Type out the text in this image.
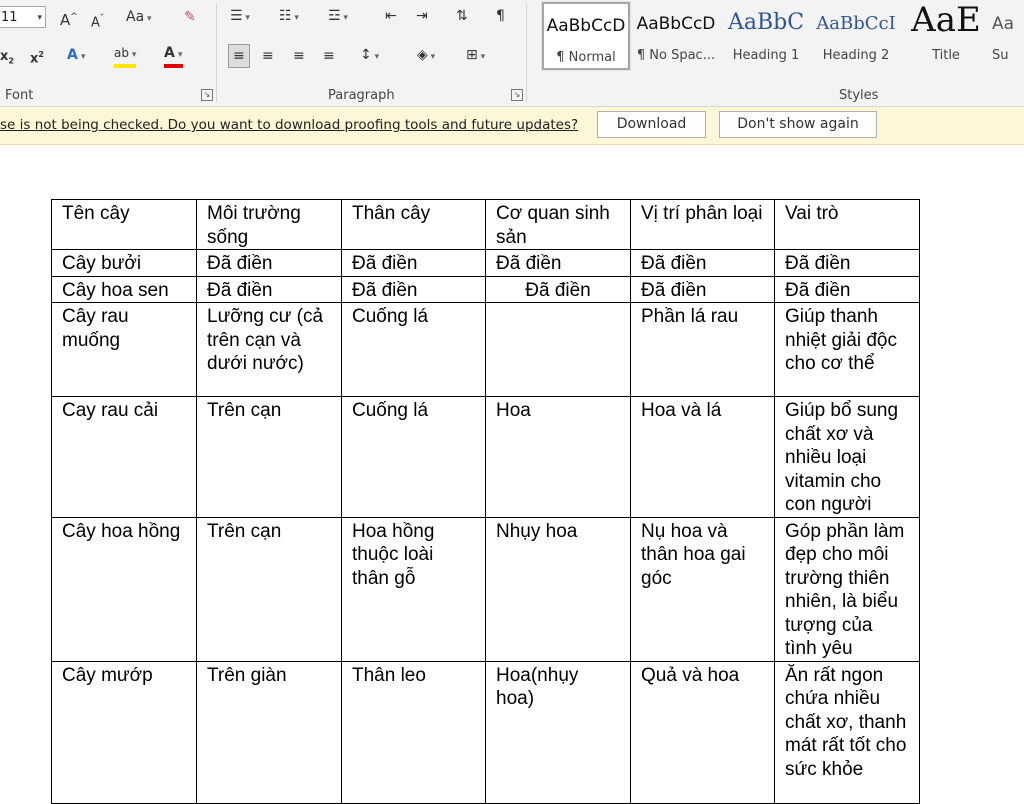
11 ▾ A^ $A^ˇ$ Aa ▾	✎
$x_2$ $x^2$ A ▾	ab ▾	A ▾
Font	↘
☰ ▾	☷ ▾	☲ ▾	⇤ ⇥ ⇅ ¶
≡	≡ ≡ ≡ ↕ ▾	◈ ▾	⊞ ▾
Paragraph	↘
AaBbCcD
¶ Normal
AaBbCcD
¶ No Spac...
AaBbC
Heading 1
AaBbCcI
Heading 2
AaE
Title
Aa
Su
Styles
se is not being checked. Do you want to download proofing tools and future updates?	Download	Don't show again
Tên cây	Môi trường sống	Thân cây	Cơ quan sinh sản	Vị trí phân loại	Vai trò
Cây bưởi	Đã điền	Đã điền	Đã điền	Đã điền	Đã điền
Cây hoa sen	Đã điền	Đã điền	Đã điền	Đã điền	Đã điền
Cây rau muống	Lưỡng cư (cả trên cạn và dưới nước)	Cuống lá		Phần lá rau	Giúp thanh nhiệt giải độc cho cơ thể
Cay rau cải	Trên cạn	Cuống lá	Hoa	Hoa và lá	Giúp bổ sung chất xơ và nhiều loại vitamin cho con người
Cây hoa hồng	Trên cạn	Hoa hồng thuộc loài thân gỗ	Nhụy hoa	Nụ hoa và thân hoa gai góc	Góp phần làm đẹp cho môi trường thiên nhiên, là biểu tượng của tình yêu
Cây mướp	Trên giàn	Thân leo	Hoa(nhụy hoa)	Quả và hoa	Ăn rất ngon chứa nhiều chất xơ, thanh mát rất tốt cho sức khỏe
